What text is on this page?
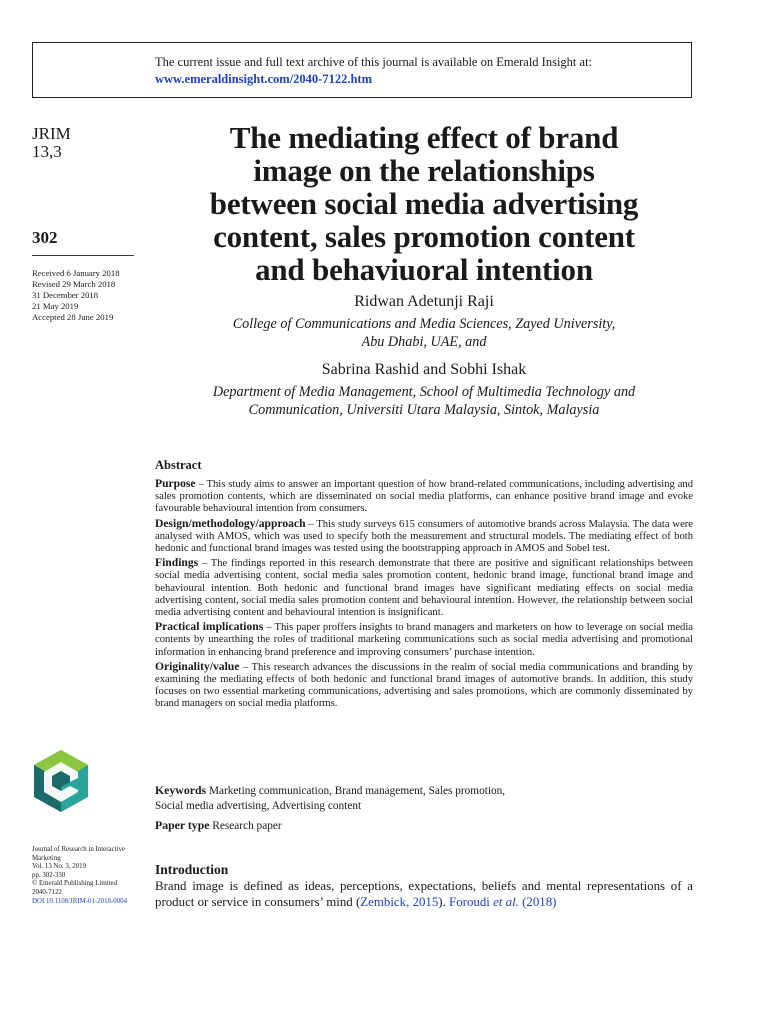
The current issue and full text archive of this journal is available on Emerald Insight at:
www.emeraldinsight.com/2040-7122.htm
JRIM
13,3
302
Received 6 January 2018
Revised 29 March 2018
31 December 2018
21 May 2019
Accepted 28 June 2019
Journal of Research in Interactive
Marketing
Vol. 13 No. 3, 2019
pp. 302-330
© Emerald Publishing Limited
2040-7122
DOI 10.1108/JRIM-01-2018-0004
The mediating effect of brand
image on the relationships
between social media advertising
content, sales promotion content
and behaviuoral intention
Ridwan Adetunji Raji
College of Communications and Media Sciences, Zayed University,
Abu Dhabi, UAE, and
Sabrina Rashid and Sobhi Ishak
Department of Media Management, School of Multimedia Technology and
Communication, Universiti Utara Malaysia, Sintok, Malaysia
Abstract

Purpose – This study aims to answer an important question of how brand-related communications, including advertising and sales promotion contents, which are disseminated on social media platforms, can enhance positive brand image and evoke favourable behavioural intention from consumers.

Design/methodology/approach – This study surveys 615 consumers of automotive brands across Malaysia. The data were analysed with AMOS, which was used to specify both the measurement and structural models. The mediating effect of both hedonic and functional brand images was tested using the bootstrapping approach in AMOS and Sobel test.

Findings – The findings reported in this research demonstrate that there are positive and significant relationships between social media advertising content, social media sales promotion content, hedonic brand image, functional brand image and behavioural intention. Both hedonic and functional brand images have significant mediating effects on social media advertising content, social media sales promotion content and behavioural intention. However, the relationship between social media advertising content and behavioural intention is insignificant.

Practical implications – This paper proffers insights to brand managers and marketers on how to leverage on social media contents by unearthing the roles of traditional marketing communications such as social media advertising and promotional information in enhancing brand preference and improving consumers’ purchase intention.

Originality/value – This research advances the discussions in the realm of social media communications and branding by examining the mediating effects of both hedonic and functional brand images of automotive brands. In addition, this study focuses on two essential marketing communications, advertising and sales promotions, which are commonly disseminated by brand managers on social media platforms.

Keywords Marketing communication, Brand management, Sales promotion,
Social media advertising, Advertising content
Paper type Research paper
Introduction
Brand image is defined as ideas, perceptions, expectations, beliefs and mental representations of a product or service in consumers’ mind (Zembick, 2015). Foroudi et al. (2018)
